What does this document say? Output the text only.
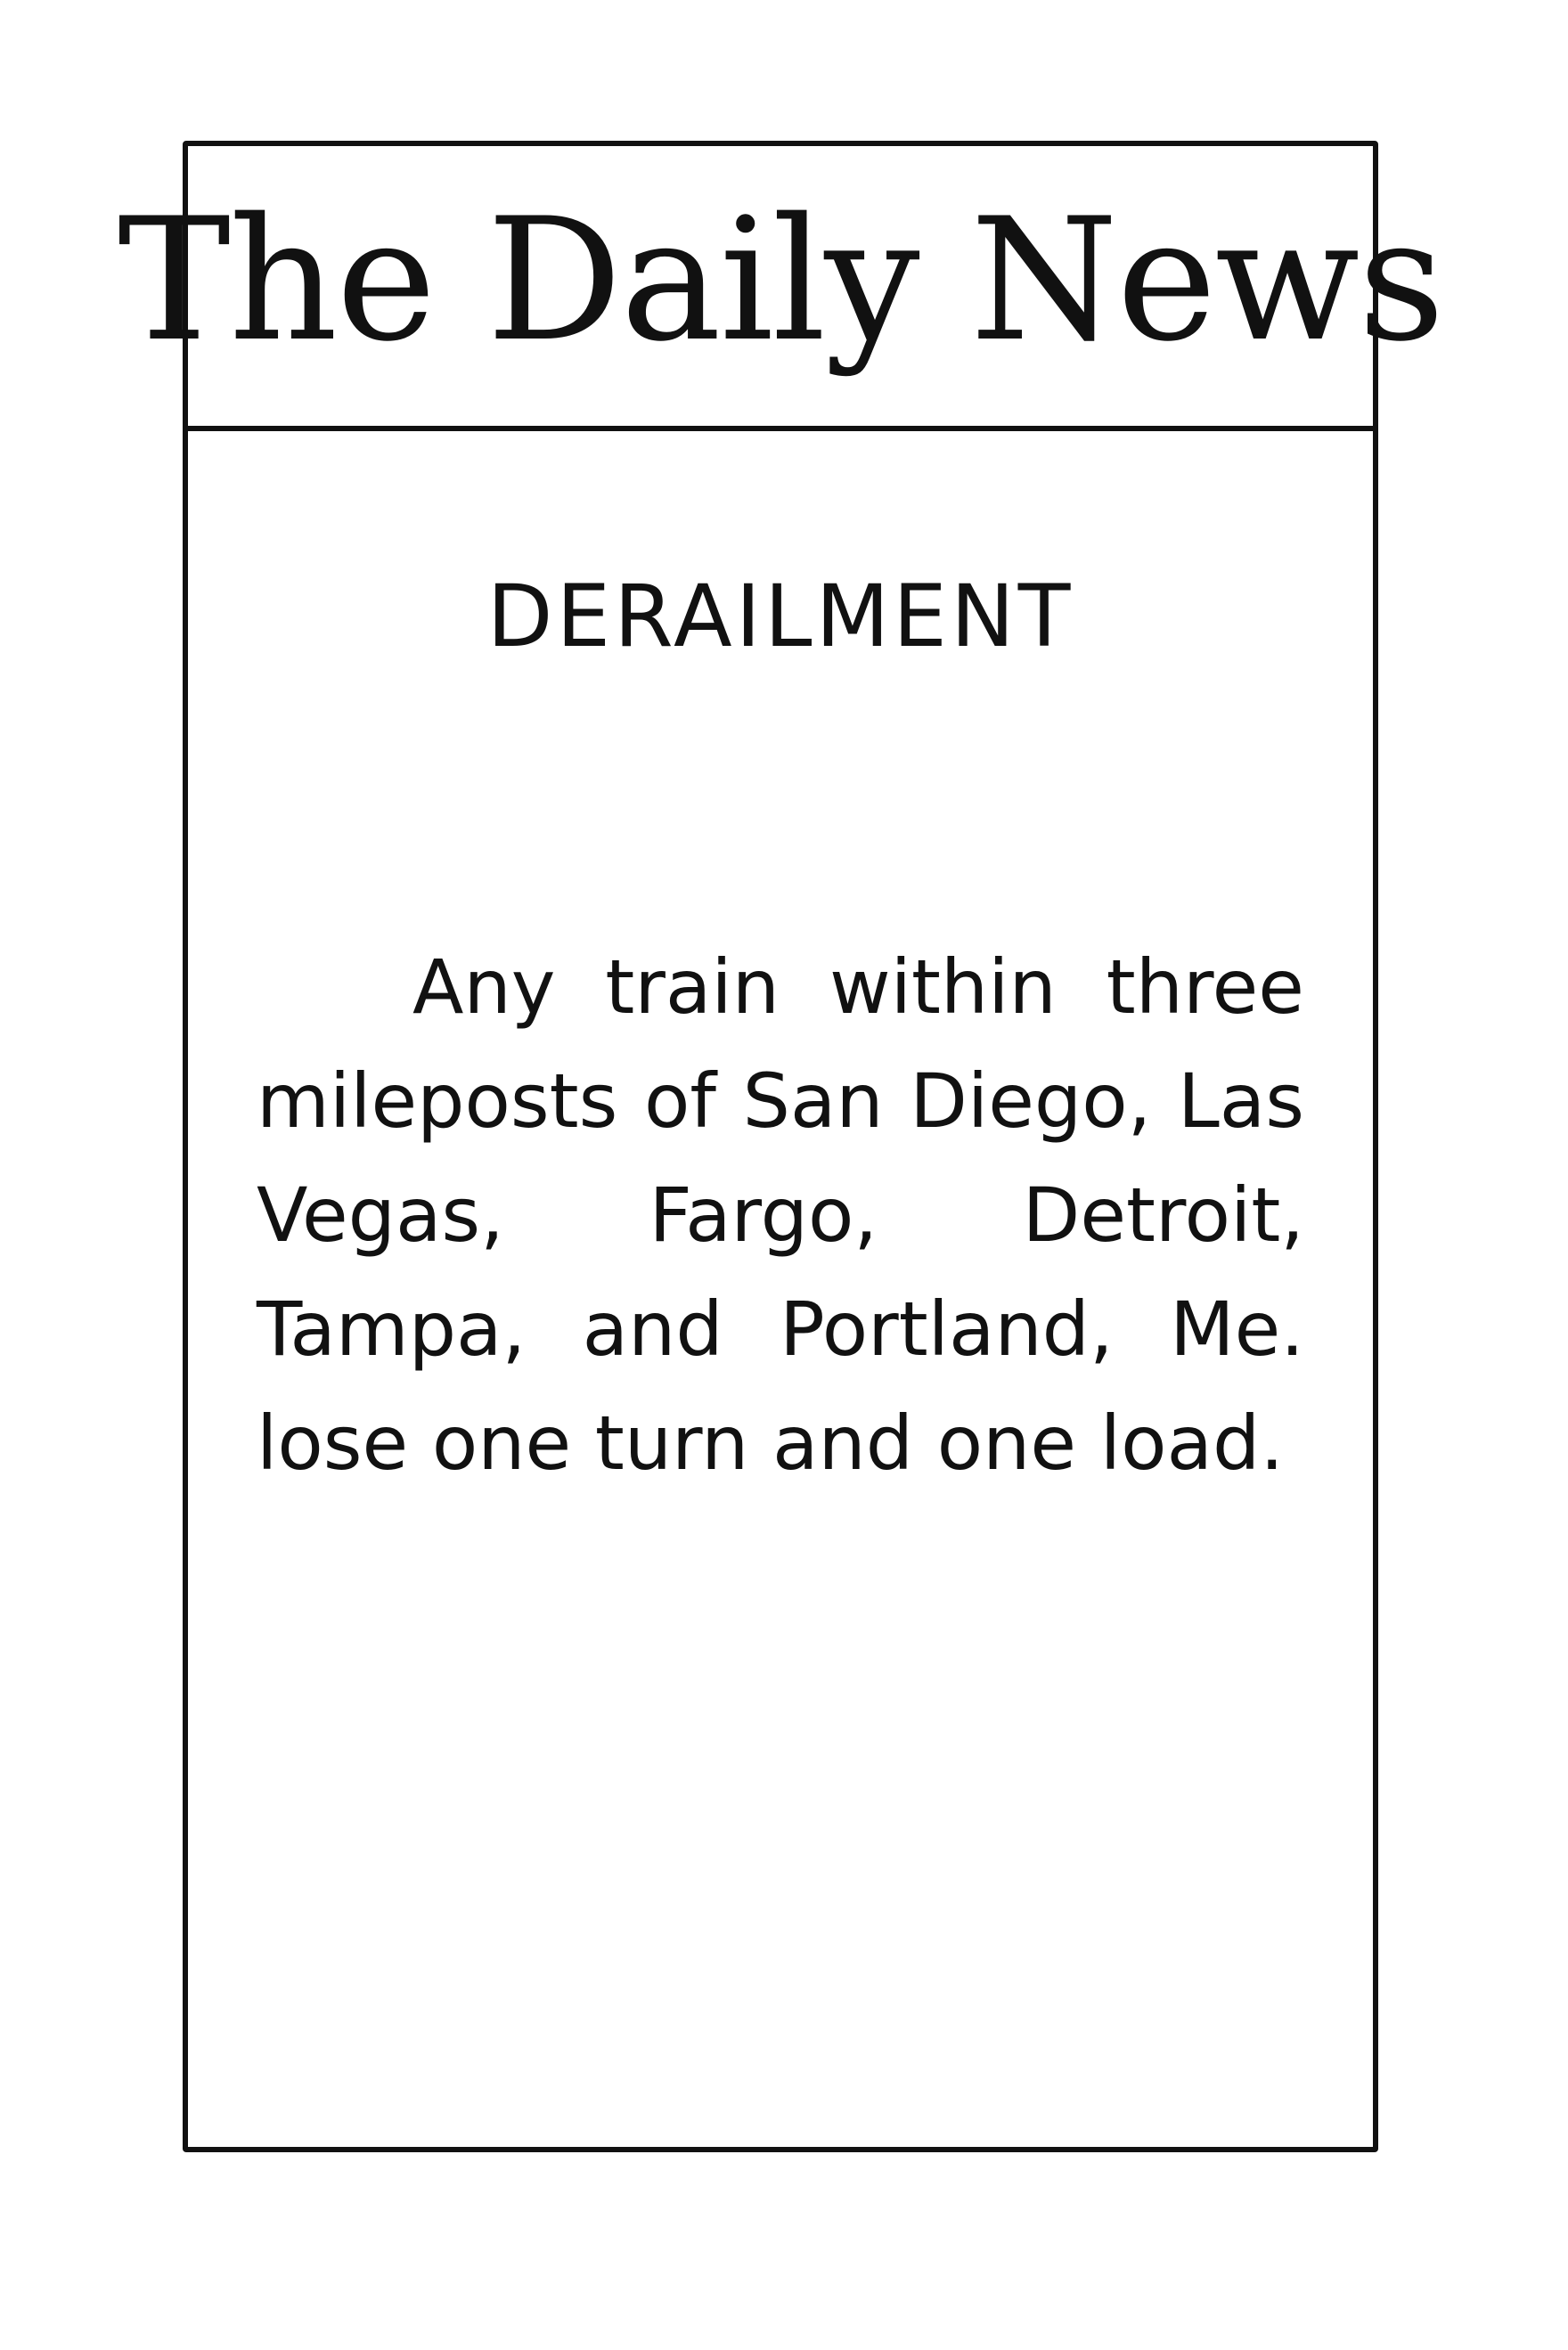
The Daily News
DERAILMENT

Any train within three mileposts of San Diego, Las Vegas, Fargo, Detroit, Tampa, and Portland, Me. lose one turn and one load.
